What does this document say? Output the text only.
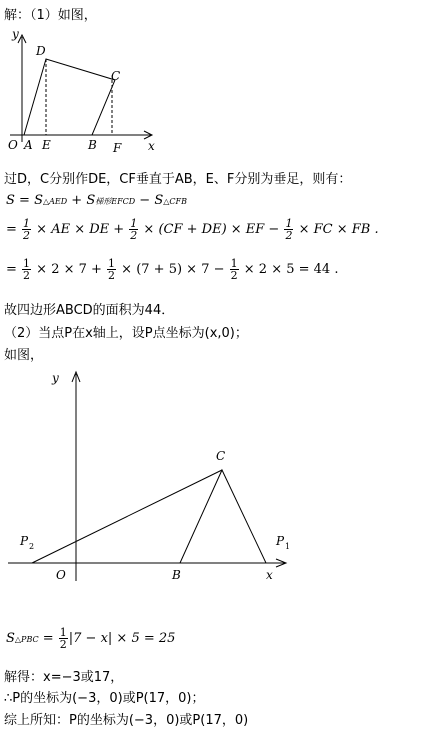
解：（1）如图，
y
x
O A E	B F
D
C
过D，C分别作DE，CF垂直于AB，E、F分别为垂足，则有：
S = S△AED + S梯形EFCD − S△CFB
= $\frac{1}{2}$ × AE × DE + $\frac{1}{2} \times (CF + DE)$ × EF − $\frac{1}{2}$ × FC × FB .
= $\frac{1}{2} \times 2 \times 7 + \frac{1}{2} \times (7 + 5) \times 7 - \frac{1}{2} \times 2 \times 5 = 44$ .
故四边形ABCD的面积为44．
（2）当点P在x轴上，设P点坐标为(x,0)；
如图，
y
x
O	B
C
P 1
P 2
S△PBC = $\frac{1}{2} |7 - x| \times 5 = 25$
解得：x=−3或17，
∴P的坐标为(−3，0)或P(17，0)；
综上所知：P的坐标为(−3，0)或P(17，0)
